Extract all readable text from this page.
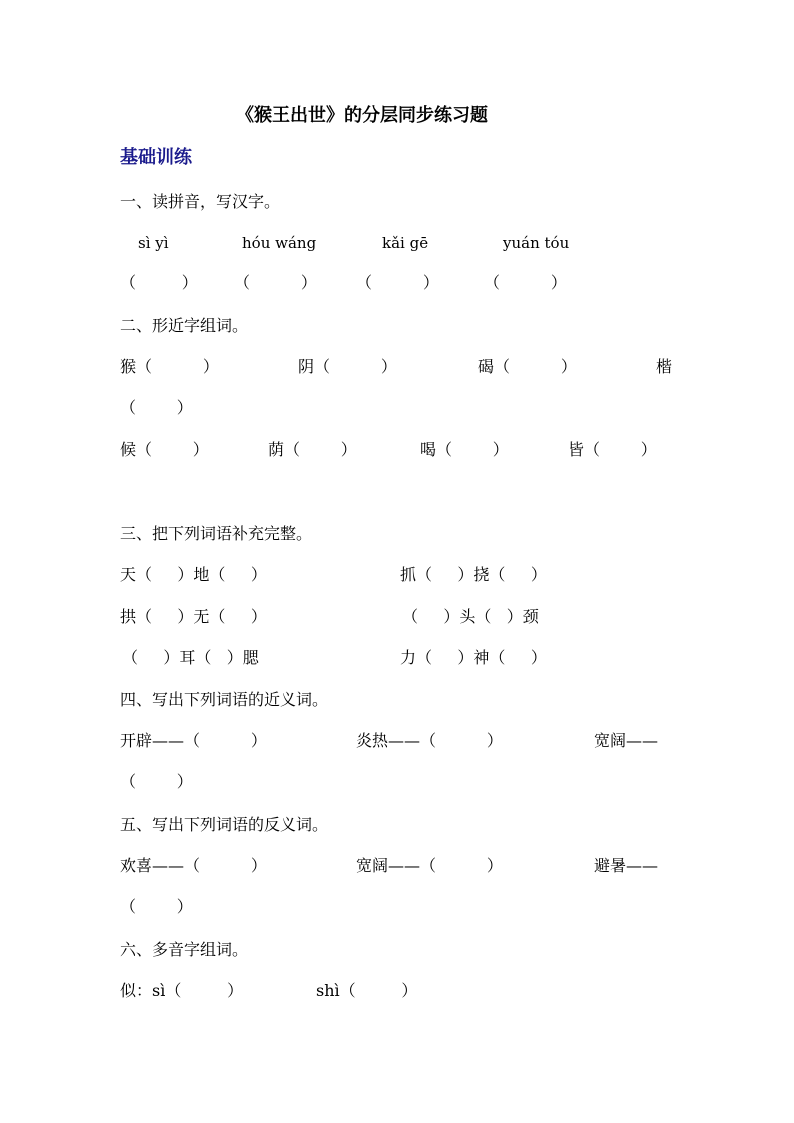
《猴王出世》的分层同步练习题
基础训练
一、读拼音，写汉字。
sì yì	hóu wáng	kǎi gē	yuán tóu
（         ） （          ） （          ）	（          ）
二、形近字组词。
猴（          ）	阴（          ）	碣（          ）	楷
（        ）
候（        ）	荫（        ）	喝（        ）	皆（        ）
三、把下列词语补充完整。
天（     ）地（     ）	抓（     ）挠（     ）
拱（     ）无（     ）	（     ）头（   ）颈
（     ）耳（   ）腮	力（     ）神（     ）
四、写出下列词语的近义词。
开辟——（          ）	炎热——（          ）	宽阔——
（        ）
五、写出下列词语的反义词。
欢喜——（          ）	宽阔——（          ）	避暑——
（        ）
六、多音字组词。
似：sì（         ）	shì（         ）
